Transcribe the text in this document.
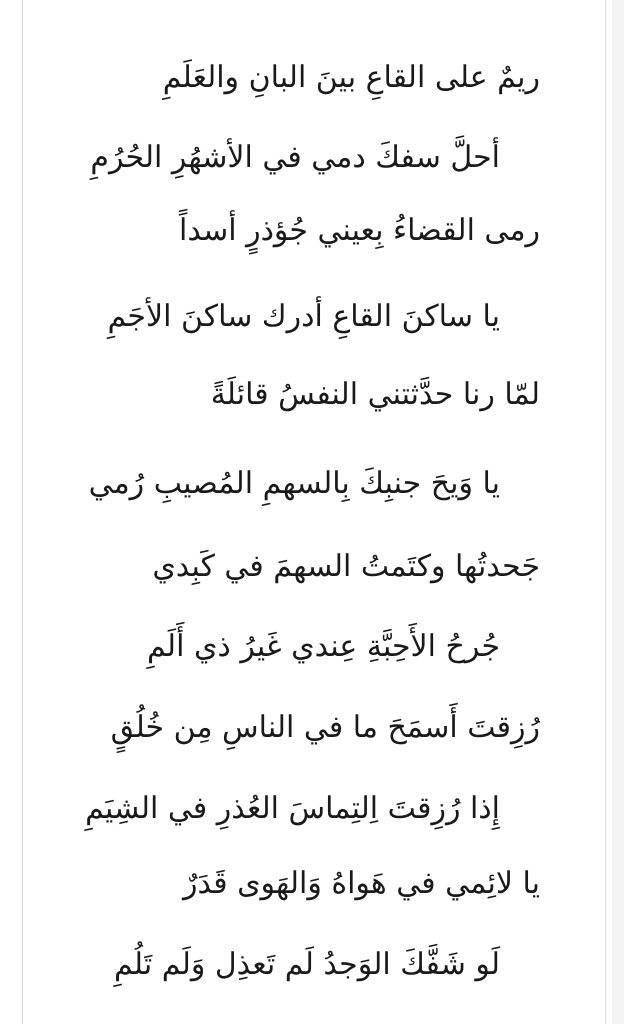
ريمٌ على القاعِ بينَ البانِ والعَلَمِ
أحلَّ سفكَ دمي في الأشهُرِ الحُرُمِ
رمى القضاءُ بِعيني جُؤذرٍ أسداً
يا ساكنَ القاعِ أدرك ساكنَ الأجَمِ
لمّا رنا حدَّثتني النفسُ قائلَةً
يا وَيحَ جنبِكَ بِالسهمِ المُصيبِ رُمي
جَحدتُها وكتَمتُ السهمَ في كَبِدي
جُرحُ الأَحِبَّةِ عِندي غَيرُ ذي أَلَمِ
رُزِقتَ أَسمَحَ ما في الناسِ مِن خُلُقٍ
إِذا رُزِقتَ اِلتِماسَ العُذرِ في الشِيَمِ
يا لائِمي في هَواهُ وَالهَوى قَدَرٌ
لَو شَفَّكَ الوَجدُ لَم تَعذِل وَلَم تَلُمِ
